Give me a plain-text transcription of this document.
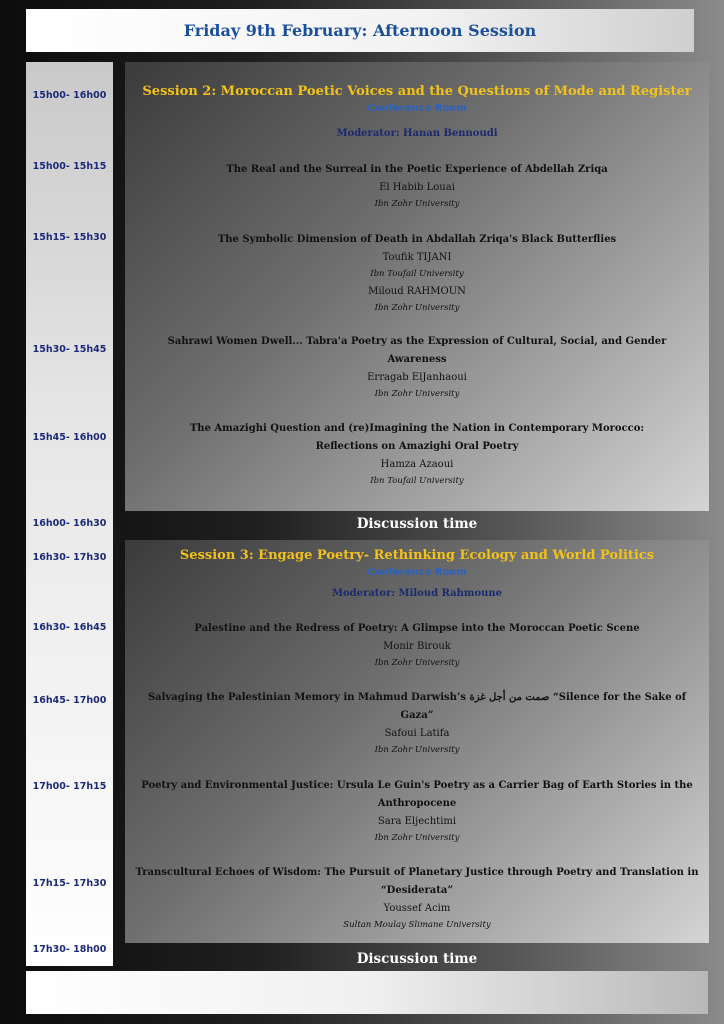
Friday 9th February: Afternoon Session
15h00- 16h00
15h00- 15h15
15h15- 15h30
15h30- 15h45
15h45- 16h00
16h00- 16h30
16h30- 17h30
16h30- 16h45
16h45- 17h00
17h00- 17h15
17h15- 17h30
17h30- 18h00
Session 2: Moroccan Poetic Voices and the Questions of Mode and Register
Conference Room
Moderator: Hanan Bennoudi
The Real and the Surreal in the Poetic Experience of Abdellah Zriqa
El Habib Louai
Ibn Zohr University
The Symbolic Dimension of Death in Abdallah Zriqa's Black Butterflies
Toufik TIJANI
Ibn Toufail University
Miloud RAHMOUN
Ibn Zohr University
Sahrawi Women Dwell... Tabra'a Poetry as the Expression of Cultural, Social, and Gender
Awareness
Erragab ElJanhaoui
Ibn Zohr University
The Amazighi Question and (re)Imagining the Nation in Contemporary Morocco:
Reflections on Amazighi Oral Poetry
Hamza Azaoui
Ibn Toufail University
Discussion time
Session 3: Engage Poetry- Rethinking Ecology and World Politics
Conference Room
Moderator: Miloud Rahmoune
Palestine and the Redress of Poetry: A Glimpse into the Moroccan Poetic Scene
Monir Birouk
Ibn Zohr University
Salvaging the Palestinian Memory in Mahmud Darwish’s صمت من أجل غزة “Silence for the Sake of
Gaza”
Safoui Latifa
Ibn Zohr University
Poetry and Environmental Justice: Ursula Le Guin's Poetry as a Carrier Bag of Earth Stories in the
Anthropocene
Sara Eljechtimi
Ibn Zohr University
Transcultural Echoes of Wisdom: The Pursuit of Planetary Justice through Poetry and Translation in
“Desiderata”
Youssef Acim
Sultan Moulay Slimane University
Discussion time
